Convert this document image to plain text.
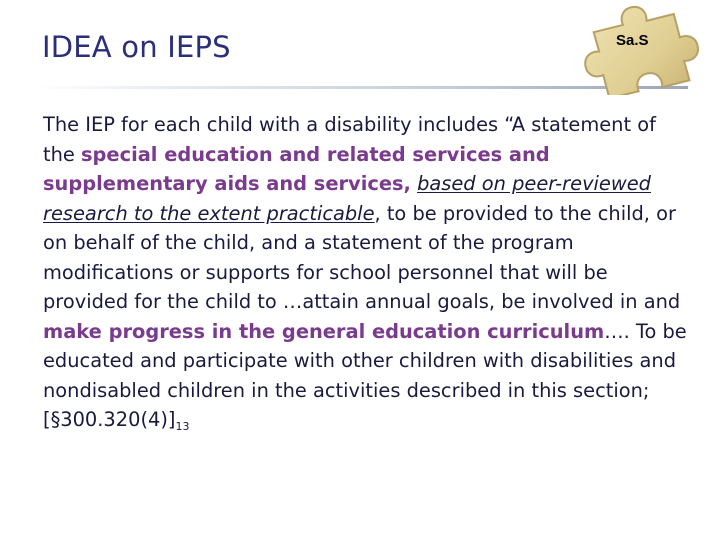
IDEA on IEPS	Sa.S
The IEP for each child with a disability includes “A statement of the special education and related services and supplementary aids and services, based on peer-reviewed research to the extent practicable, to be provided to the child, or on behalf of the child, and a statement of the program modifications or supports for school personnel that will be provided for the child to …attain annual goals, be involved in and make progress in the general education curriculum…. To be educated and participate with other children with disabilities and nondisabled children in the activities described in this section; $[\S 300.320(4)]_{13}$
